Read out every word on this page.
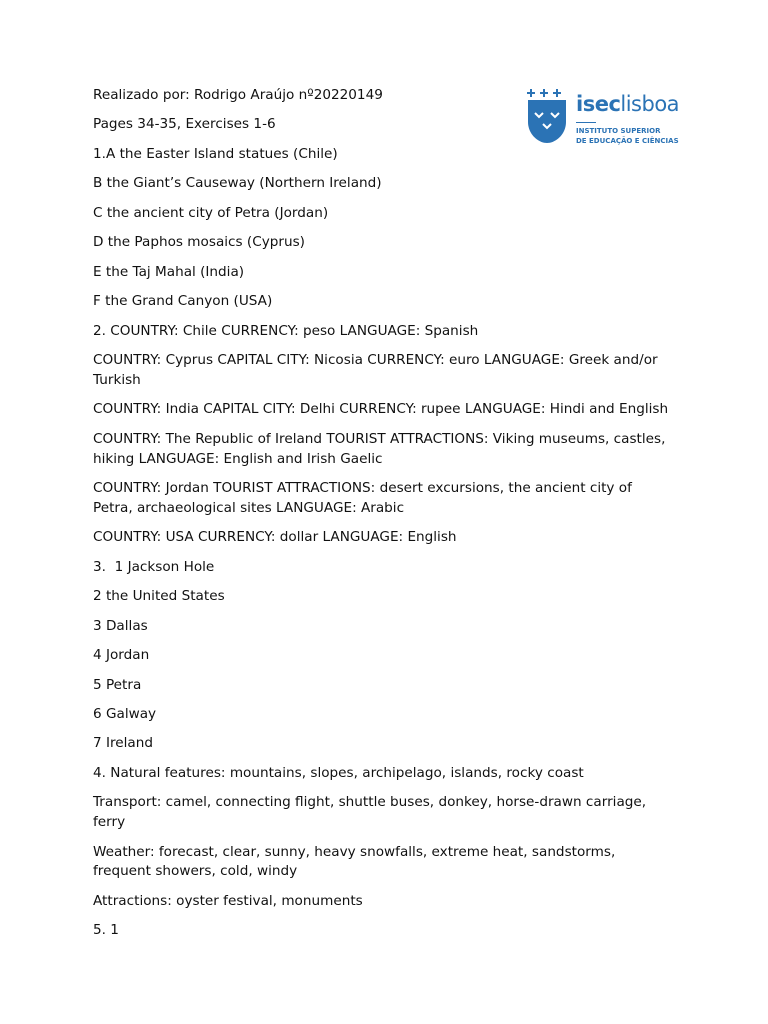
iseclisboa
INSTITUTO SUPERIOR
DE EDUCAÇÃO E CIÊNCIAS

Realizado por: Rodrigo Araújo nº20220149

Pages 34-35, Exercises 1-6

1.A the Easter Island statues (Chile)

B the Giant’s Causeway (Northern Ireland)

C the ancient city of Petra (Jordan)

D the Paphos mosaics (Cyprus)

E the Taj Mahal (India)

F the Grand Canyon (USA)

2. COUNTRY: Chile CURRENCY: peso LANGUAGE: Spanish

COUNTRY: Cyprus CAPITAL CITY: Nicosia CURRENCY: euro LANGUAGE: Greek and/or Turkish

COUNTRY: India CAPITAL CITY: Delhi CURRENCY: rupee LANGUAGE: Hindi and English

COUNTRY: The Republic of Ireland TOURIST ATTRACTIONS: Viking museums, castles, hiking LANGUAGE: English and Irish Gaelic

COUNTRY: Jordan TOURIST ATTRACTIONS: desert excursions, the ancient city of Petra, archaeological sites LANGUAGE: Arabic

COUNTRY: USA CURRENCY: dollar LANGUAGE: English

3.  1 Jackson Hole

2 the United States

3 Dallas

4 Jordan

5 Petra

6 Galway

7 Ireland

4. Natural features: mountains, slopes, archipelago, islands, rocky coast

Transport: camel, connecting flight, shuttle buses, donkey, horse-drawn carriage, ferry

Weather: forecast, clear, sunny, heavy snowfalls, extreme heat, sandstorms, frequent showers, cold, windy

Attractions: oyster festival, monuments

5. 1
